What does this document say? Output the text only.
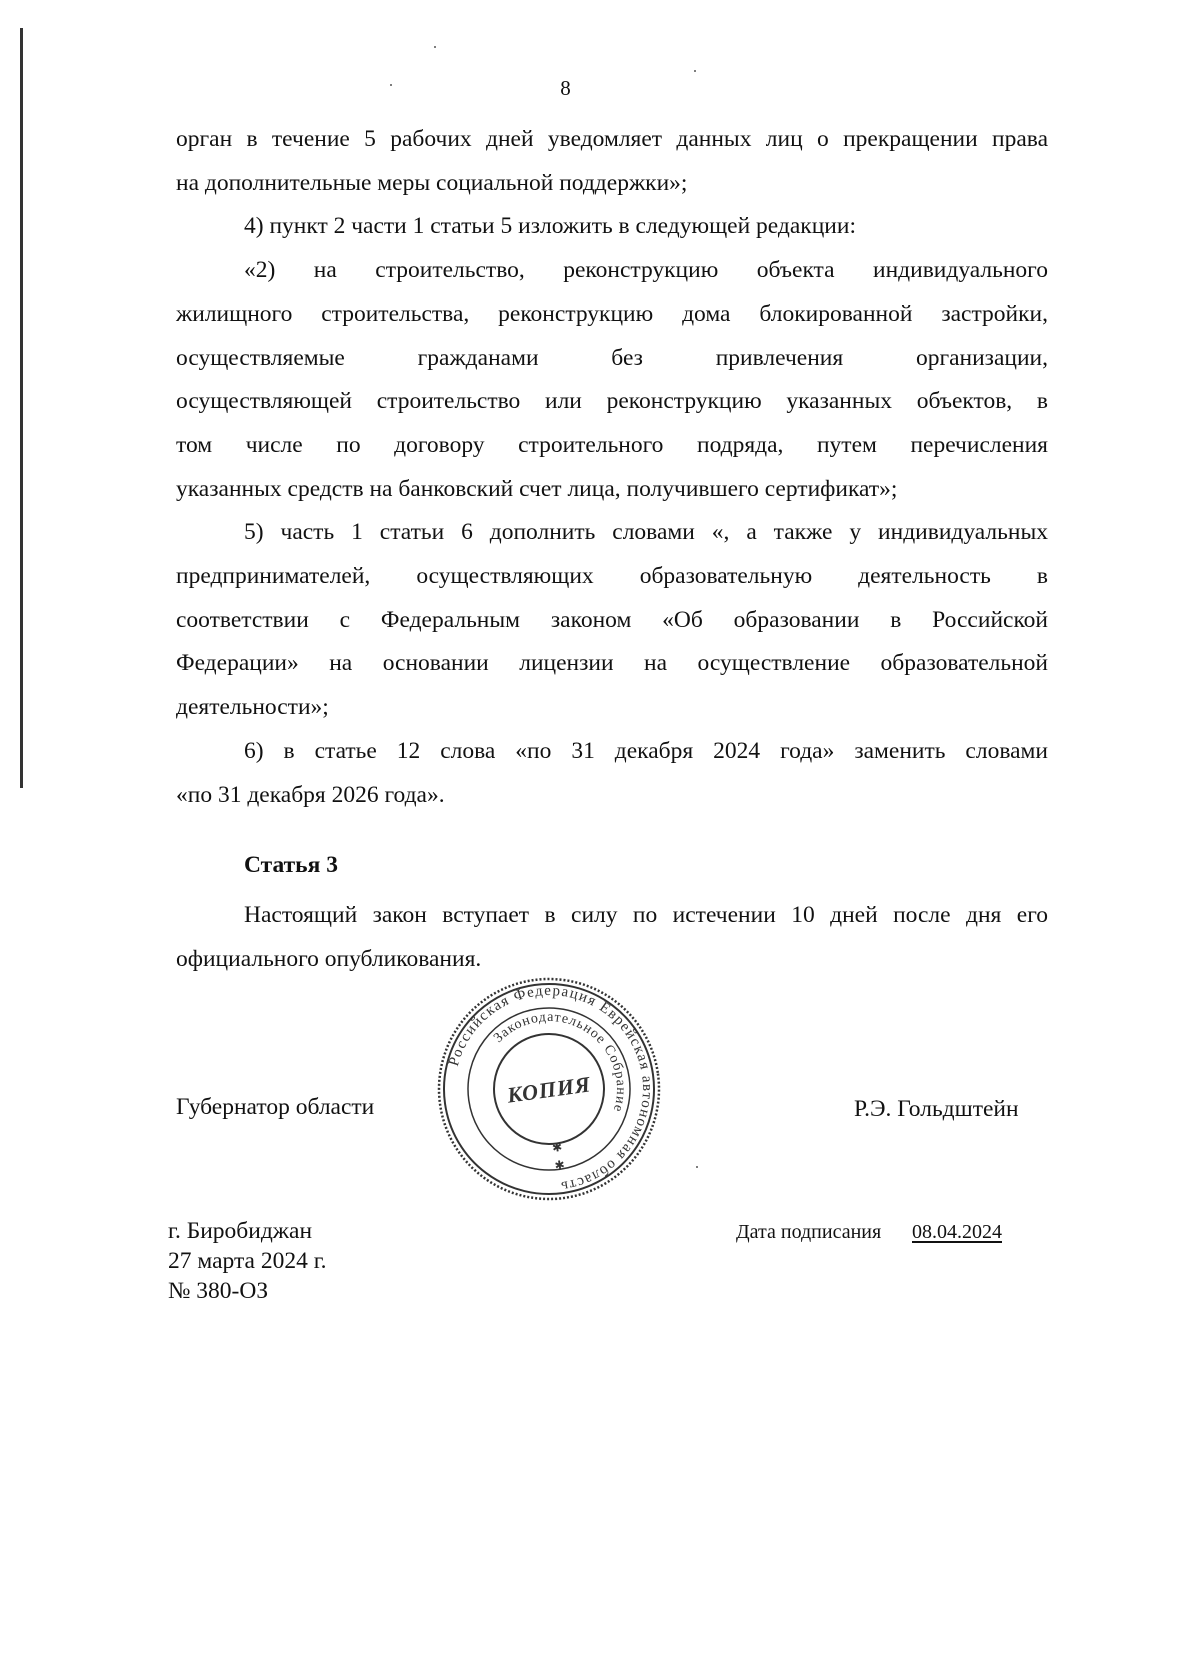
8
орган в течение 5 рабочих дней уведомляет данных лиц о прекращении права
на дополнительные меры социальной поддержки»;
4) пункт 2 части 1 статьи 5 изложить в следующей редакции:
«2) на строительство, реконструкцию объекта индивидуального
жилищного строительства, реконструкцию дома блокированной застройки,
осуществляемые гражданами без привлечения организации,
осуществляющей строительство или реконструкцию указанных объектов, в
том числе по договору строительного подряда, путем перечисления
указанных средств на банковский счет лица, получившего сертификат»;
5) часть 1 статьи 6 дополнить словами «, а также у индивидуальных
предпринимателей, осуществляющих образовательную деятельность в
соответствии с Федеральным законом «Об образовании в Российской
Федерации» на основании лицензии на осуществление образовательной
деятельности»;
6) в статье 12 слова «по 31 декабря 2024 года» заменить словами
«по 31 декабря 2026 года».
Статья 3
Настоящий закон вступает в силу по истечении 10 дней после дня его
официального опубликования.
Губернатор области
Российская Федерация Еврейская автономная область
Законодательное Собрание
КОПИЯ
✱
✱
Р.Э. Гольдштейн
г. Биробиджан
27 марта 2024 г.
№ 380-ОЗ
Дата подписания 08.04.2024
